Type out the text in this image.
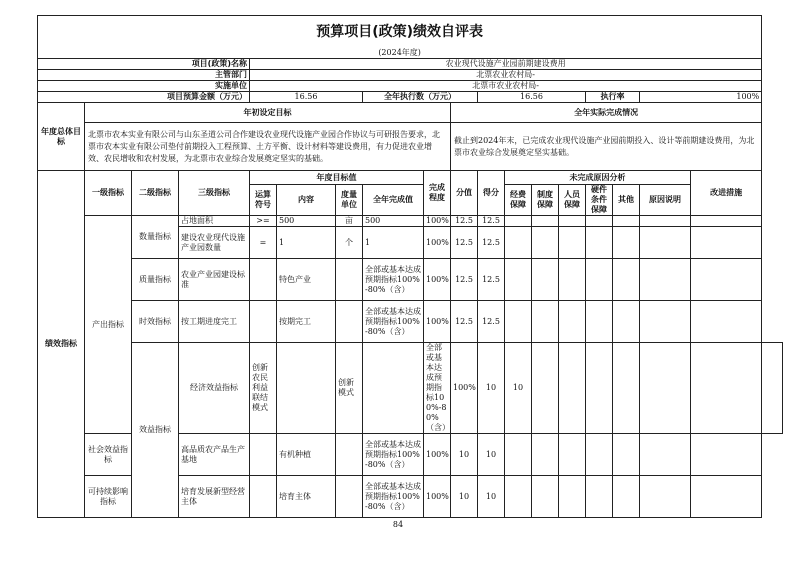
预算项目(政策)绩效自评表																		
(2024年度)																		
项目(政策)名称				农业现代设施产业园前期建设费用														
主管部门				北票农业农村局-														
实施单位				北票市农业农村局-														
项目预算金额（万元）				16.56			全年执行数（万元）			16.56				执行率		100%		
年度总体目标	年初设定目标								全年实际完成情况									
	北票市农本实业有限公司与山东圣道公司合作建设农业现代设施产业园合作协议与可研报告要求，北票市农本实业有限公司垫付前期投入工程预算、土方平衡、设计材料等建设费用，有力促进农业增效、农民增收和农村发展，为北票市农业综合发展奠定坚实的基础。								截止到2024年末，已完成农业现代设施产业园前期投入、设计等前期建设费用，为北票市农业综合发展奠定坚实基础。									
绩效指标	一级指标	二级指标	三级指标	年度目标值				完成程度	分值	得分	未完成原因分析						改进措施	
				运算符号	内容	度量单位	全年完成值				经费保障	制度保障	人员保障	硬件条件保障	其他	原因说明		
	产出指标	数量指标	占地面积	>=	500	亩	500	100%	12.5	12.5								
			建设农业现代设施产业园数量	=	1	个	1	100%	12.5	12.5								
		质量指标	农业产业园建设标准		特色产业		全部或基本达成预期指标100%-80%（含）	100%	12.5	12.5								
		时效指标	按工期进度完工		按期完工		全部或基本达成预期指标100%-80%（含）	100%	12.5	12.5								
		效益指标	经济效益指标	创新农民利益联结模式		创新模式		全部或基本达成预期指标100%-80%（含）	100%	10	10							
	社会效益指标		高品质农产品生产基地		有机种植		全部或基本达成预期指标100%-80%（含）	100%	10	10								
	可持续影响指标		培育发展新型经营主体		培育主体		全部或基本达成预期指标100%-80%（含）	100%	10	10								
84
